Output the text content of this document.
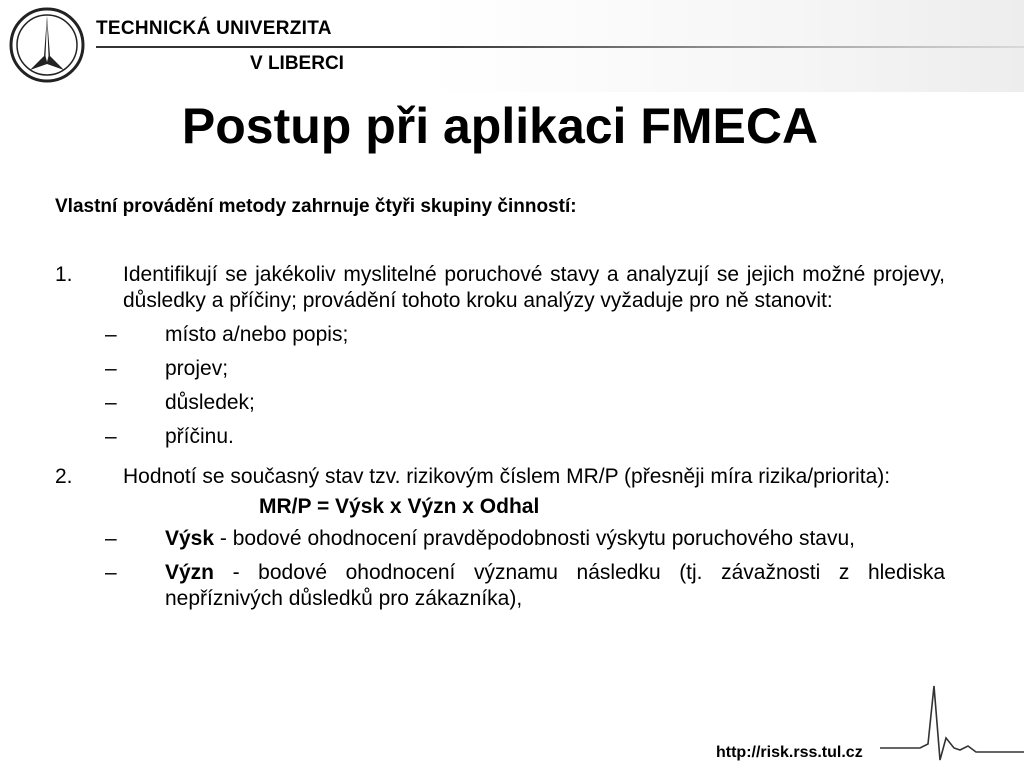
TECHNICKÁ UNIVERZITA
V LIBERCI
Postup při aplikaci FMECA
Vlastní provádění metody zahrnuje čtyři skupiny činností:
1. Identifikují se jakékoliv myslitelné poruchové stavy a analyzují se jejich možné projevy, důsledky a příčiny; provádění tohoto kroku analýzy vyžaduje pro ně stanovit:
– místo a/nebo popis;
– projev;
– důsledek;
– příčinu.
2. Hodnotí se současný stav tzv. rizikovým číslem MR/P (přesněji míra rizika/priorita):
MR/P = Výsk x Význ x Odhal
– Výsk - bodové ohodnocení pravděpodobnosti výskytu poruchového stavu,
– Význ - bodové ohodnocení významu následku (tj. závažnosti z hlediska nepříznivých důsledků pro zákazníka),
http://risk.rss.tul.cz
